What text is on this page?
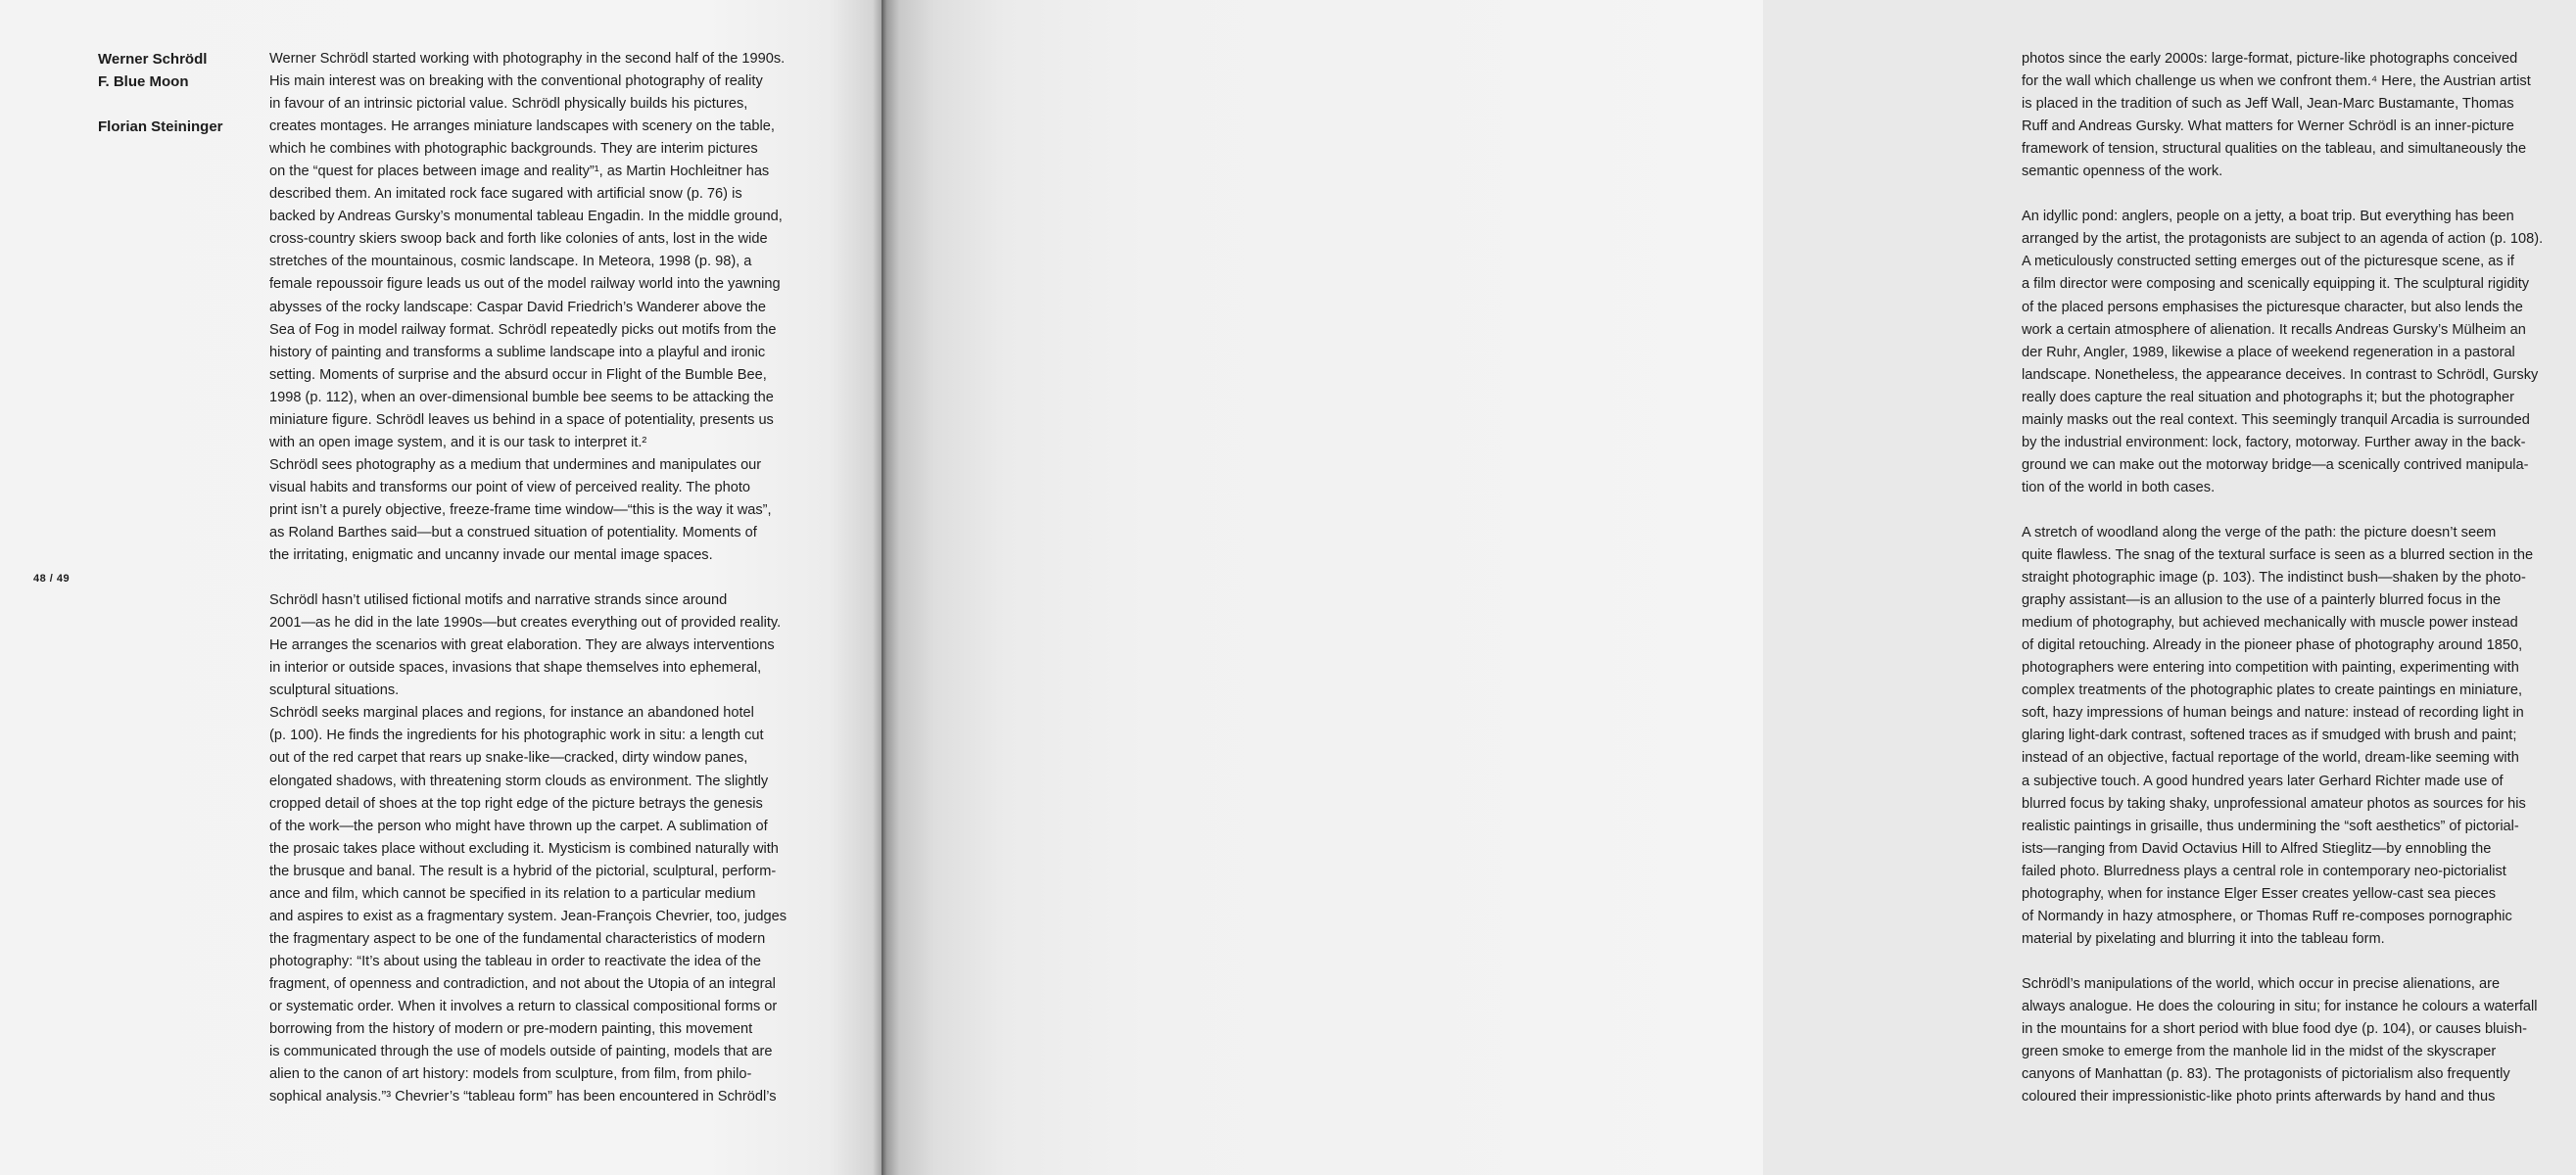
Werner Schrödl
F. Blue Moon
Florian Steininger
48 / 49
Werner Schrödl started working with photography in the second half of the 1990s.
His main interest was on breaking with the conventional photography of reality
in favour of an intrinsic pictorial value. Schrödl physically builds his pictures,
creates montages. He arranges miniature landscapes with scenery on the table,
which he combines with photographic backgrounds. They are interim pictures
on the “quest for places between image and reality”¹, as Martin Hochleitner has
described them. An imitated rock face sugared with artificial snow (p. 76) is
backed by Andreas Gursky’s monumental tableau Engadin. In the middle ground,
cross-country skiers swoop back and forth like colonies of ants, lost in the wide
stretches of the mountainous, cosmic landscape. In Meteora, 1998 (p. 98), a
female repoussoir figure leads us out of the model railway world into the yawning
abysses of the rocky landscape: Caspar David Friedrich’s Wanderer above the
Sea of Fog in model railway format. Schrödl repeatedly picks out motifs from the
history of painting and transforms a sublime landscape into a playful and ironic
setting. Moments of surprise and the absurd occur in Flight of the Bumble Bee,
1998 (p. 112), when an over-dimensional bumble bee seems to be attacking the
miniature figure. Schrödl leaves us behind in a space of potentiality, presents us
with an open image system, and it is our task to interpret it.²
Schrödl sees photography as a medium that undermines and manipulates our
visual habits and transforms our point of view of perceived reality. The photo
print isn’t a purely objective, freeze-frame time window—“this is the way it was”,
as Roland Barthes said—but a construed situation of potentiality. Moments of
the irritating, enigmatic and uncanny invade our mental image spaces.
Schrödl hasn’t utilised fictional motifs and narrative strands since around
2001—as he did in the late 1990s—but creates everything out of provided reality.
He arranges the scenarios with great elaboration. They are always interventions
in interior or outside spaces, invasions that shape themselves into ephemeral,
sculptural situations.
Schrödl seeks marginal places and regions, for instance an abandoned hotel
(p. 100). He finds the ingredients for his photographic work in situ: a length cut
out of the red carpet that rears up snake-like—cracked, dirty window panes,
elongated shadows, with threatening storm clouds as environment. The slightly
cropped detail of shoes at the top right edge of the picture betrays the genesis
of the work—the person who might have thrown up the carpet. A sublimation of
the prosaic takes place without excluding it. Mysticism is combined naturally with
the brusque and banal. The result is a hybrid of the pictorial, sculptural, perform-
ance and film, which cannot be specified in its relation to a particular medium
and aspires to exist as a fragmentary system. Jean-François Chevrier, too, judges
the fragmentary aspect to be one of the fundamental characteristics of modern
photography: “It’s about using the tableau in order to reactivate the idea of the
fragment, of openness and contradiction, and not about the Utopia of an integral
or systematic order. When it involves a return to classical compositional forms or
borrowing from the history of modern or pre-modern painting, this movement
is communicated through the use of models outside of painting, models that are
alien to the canon of art history: models from sculpture, from film, from philo-
sophical analysis.”³ Chevrier’s “tableau form” has been encountered in Schrödl’s
photos since the early 2000s: large-format, picture-like photographs conceived
for the wall which challenge us when we confront them.⁴ Here, the Austrian artist
is placed in the tradition of such as Jeff Wall, Jean-Marc Bustamante, Thomas
Ruff and Andreas Gursky. What matters for Werner Schrödl is an inner-picture
framework of tension, structural qualities on the tableau, and simultaneously the
semantic openness of the work.
An idyllic pond: anglers, people on a jetty, a boat trip. But everything has been
arranged by the artist, the protagonists are subject to an agenda of action (p. 108).
A meticulously constructed setting emerges out of the picturesque scene, as if
a film director were composing and scenically equipping it. The sculptural rigidity
of the placed persons emphasises the picturesque character, but also lends the
work a certain atmosphere of alienation. It recalls Andreas Gursky’s Mülheim an
der Ruhr, Angler, 1989, likewise a place of weekend regeneration in a pastoral
landscape. Nonetheless, the appearance deceives. In contrast to Schrödl, Gursky
really does capture the real situation and photographs it; but the photographer
mainly masks out the real context. This seemingly tranquil Arcadia is surrounded
by the industrial environment: lock, factory, motorway. Further away in the back-
ground we can make out the motorway bridge—a scenically contrived manipula-
tion of the world in both cases.
A stretch of woodland along the verge of the path: the picture doesn’t seem
quite flawless. The snag of the textural surface is seen as a blurred section in the
straight photographic image (p. 103). The indistinct bush—shaken by the photo-
graphy assistant—is an allusion to the use of a painterly blurred focus in the
medium of photography, but achieved mechanically with muscle power instead
of digital retouching. Already in the pioneer phase of photography around 1850,
photographers were entering into competition with painting, experimenting with
complex treatments of the photographic plates to create paintings en miniature,
soft, hazy impressions of human beings and nature: instead of recording light in
glaring light-dark contrast, softened traces as if smudged with brush and paint;
instead of an objective, factual reportage of the world, dream-like seeming with
a subjective touch. A good hundred years later Gerhard Richter made use of
blurred focus by taking shaky, unprofessional amateur photos as sources for his
realistic paintings in grisaille, thus undermining the “soft aesthetics” of pictorial-
ists—ranging from David Octavius Hill to Alfred Stieglitz—by ennobling the
failed photo. Blurredness plays a central role in contemporary neo-pictorialist
photography, when for instance Elger Esser creates yellow-cast sea pieces
of Normandy in hazy atmosphere, or Thomas Ruff re-composes pornographic
material by pixelating and blurring it into the tableau form.
Schrödl’s manipulations of the world, which occur in precise alienations, are
always analogue. He does the colouring in situ; for instance he colours a waterfall
in the mountains for a short period with blue food dye (p. 104), or causes bluish-
green smoke to emerge from the manhole lid in the midst of the skyscraper
canyons of Manhattan (p. 83). The protagonists of pictorialism also frequently
coloured their impressionistic-like photo prints afterwards by hand and thus
